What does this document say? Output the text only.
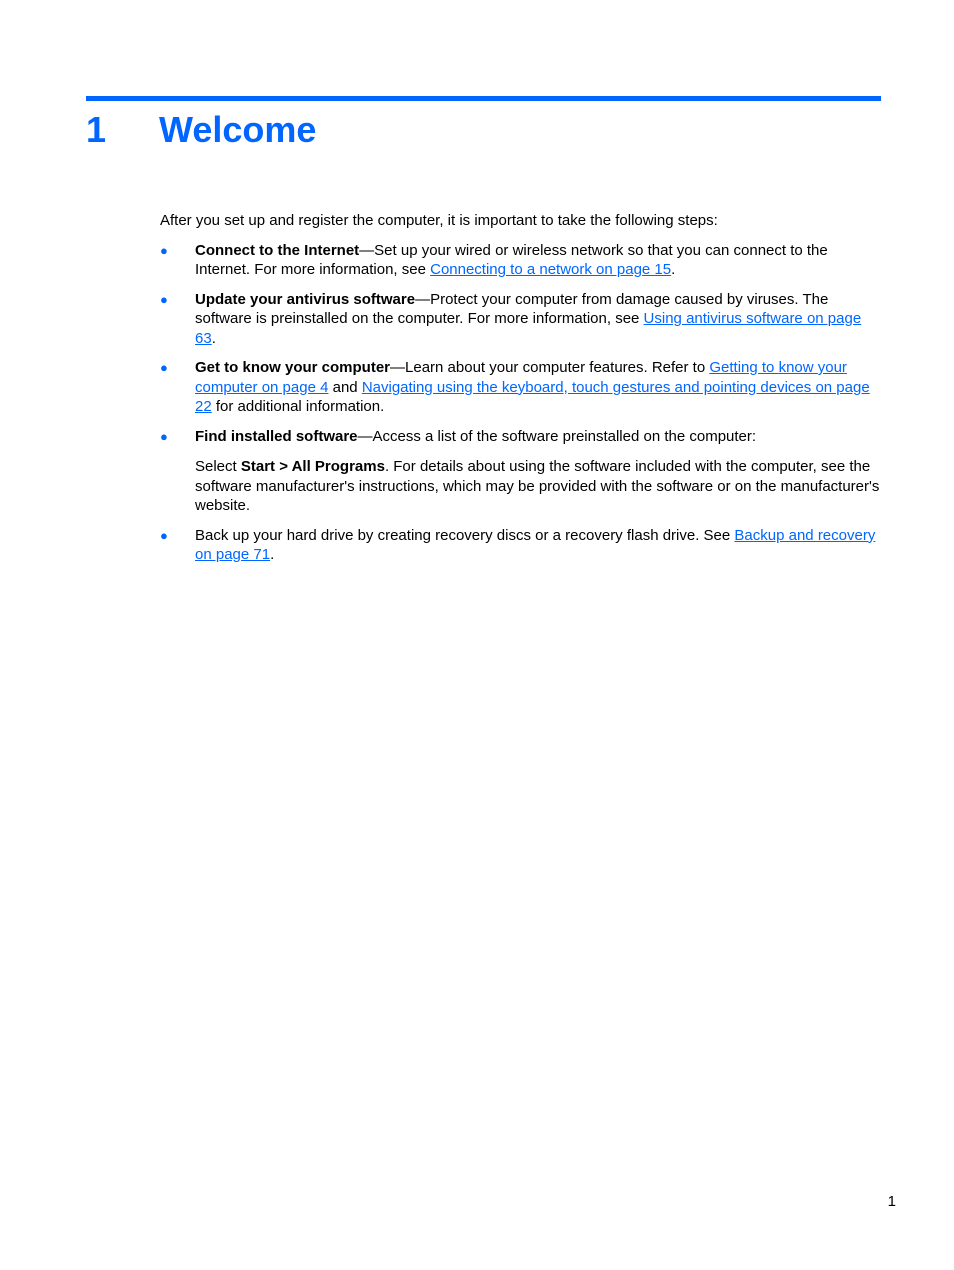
1 Welcome

After you set up and register the computer, it is important to take the following steps:

●	Connect to the Internet—Set up your wired or wireless network so that you can connect to the Internet. For more information, see Connecting to a network on page 15.
●	Update your antivirus software—Protect your computer from damage caused by viruses. The software is preinstalled on the computer. For more information, see Using antivirus software on page 63.
●	Get to know your computer—Learn about your computer features. Refer to Getting to know your computer on page 4 and Navigating using the keyboard, touch gestures and pointing devices on page 22 for additional information.
●	Find installed software—Access a list of the software preinstalled on the computer:

Select Start > All Programs. For details about using the software included with the computer, see the software manufacturer's instructions, which may be provided with the software or on the manufacturer's website.

●	Back up your hard drive by creating recovery discs or a recovery flash drive. See Backup and recovery on page 71.
1
